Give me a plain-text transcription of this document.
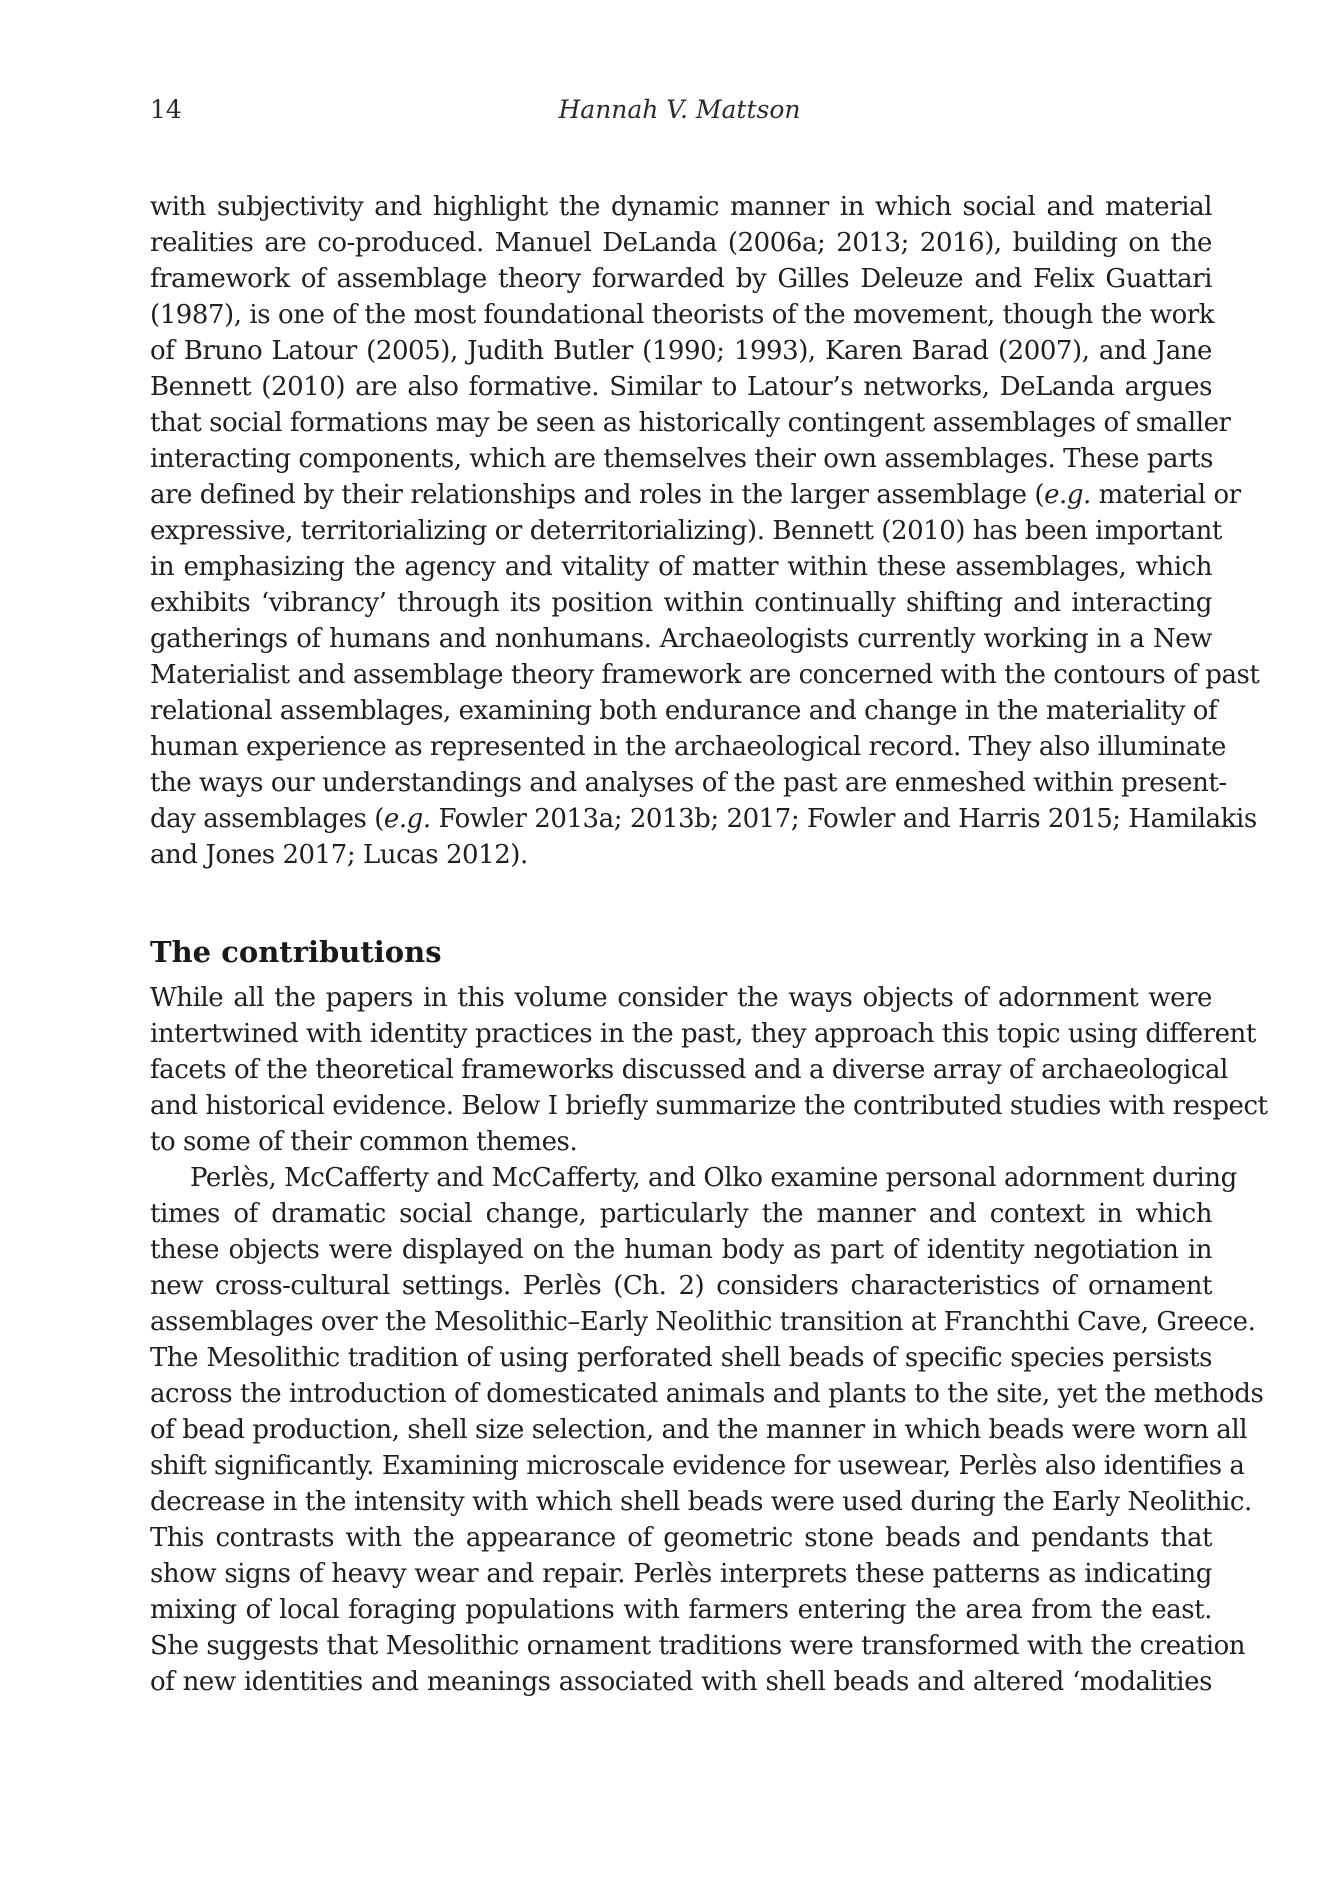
14	Hannah V. Mattson
with subjectivity and highlight the dynamic manner in which social and material
realities are co-produced. Manuel DeLanda (2006a; 2013; 2016), building on the
framework of assemblage theory forwarded by Gilles Deleuze and Felix Guattari
(1987), is one of the most foundational theorists of the movement, though the work
of Bruno Latour (2005), Judith Butler (1990; 1993), Karen Barad (2007), and Jane
Bennett (2010) are also formative. Similar to Latour’s networks, DeLanda argues
that social formations may be seen as historically contingent assemblages of smaller
interacting components, which are themselves their own assemblages. These parts
are defined by their relationships and roles in the larger assemblage (e.g. material or
expressive, territorializing or deterritorializing). Bennett (2010) has been important
in emphasizing the agency and vitality of matter within these assemblages, which
exhibits ‘vibrancy’ through its position within continually shifting and interacting
gatherings of humans and nonhumans. Archaeologists currently working in a New
Materialist and assemblage theory framework are concerned with the contours of past
relational assemblages, examining both endurance and change in the materiality of
human experience as represented in the archaeological record. They also illuminate
the ways our understandings and analyses of the past are enmeshed within present-
day assemblages (e.g. Fowler 2013a; 2013b; 2017; Fowler and Harris 2015; Hamilakis
and Jones 2017; Lucas 2012).
The contributions
While all the papers in this volume consider the ways objects of adornment were
intertwined with identity practices in the past, they approach this topic using different
facets of the theoretical frameworks discussed and a diverse array of archaeological
and historical evidence. Below I briefly summarize the contributed studies with respect
to some of their common themes.
Perlès, McCafferty and McCafferty, and Olko examine personal adornment during
times of dramatic social change, particularly the manner and context in which
these objects were displayed on the human body as part of identity negotiation in
new cross-cultural settings. Perlès (Ch. 2) considers characteristics of ornament
assemblages over the Mesolithic–Early Neolithic transition at Franchthi Cave, Greece.
The Mesolithic tradition of using perforated shell beads of specific species persists
across the introduction of domesticated animals and plants to the site, yet the methods
of bead production, shell size selection, and the manner in which beads were worn all
shift significantly. Examining microscale evidence for usewear, Perlès also identifies a
decrease in the intensity with which shell beads were used during the Early Neolithic.
This contrasts with the appearance of geometric stone beads and pendants that
show signs of heavy wear and repair. Perlès interprets these patterns as indicating
mixing of local foraging populations with farmers entering the area from the east.
She suggests that Mesolithic ornament traditions were transformed with the creation
of new identities and meanings associated with shell beads and altered ‘modalities
